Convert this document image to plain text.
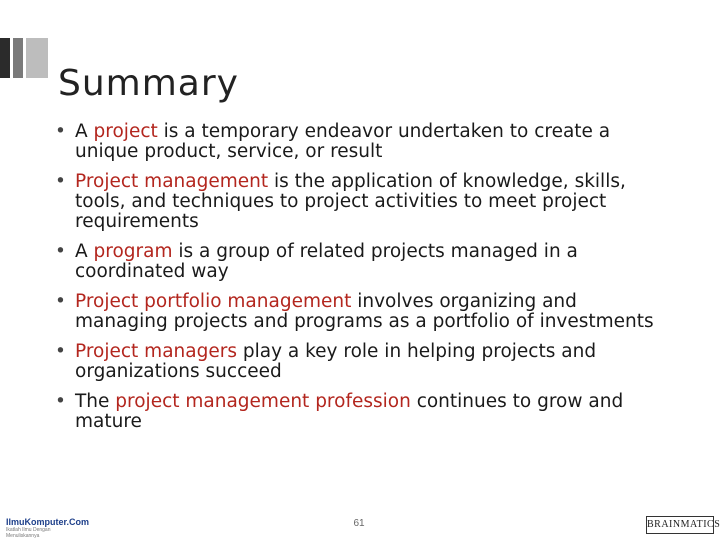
Summary
• A project is a temporary endeavor undertaken to create a unique product, service, or result
• Project management is the application of knowledge, skills, tools, and techniques to project activities to meet project requirements
• A program is a group of related projects managed in a coordinated way
• Project portfolio management involves organizing and managing projects and programs as a portfolio of investments
• Project managers play a key role in helping projects and organizations succeed
• The project management profession continues to grow and mature
IlmuKomputer.Com
Ikatlah Ilmu Dengan Menuliskannya
61	BRAINMATICS
